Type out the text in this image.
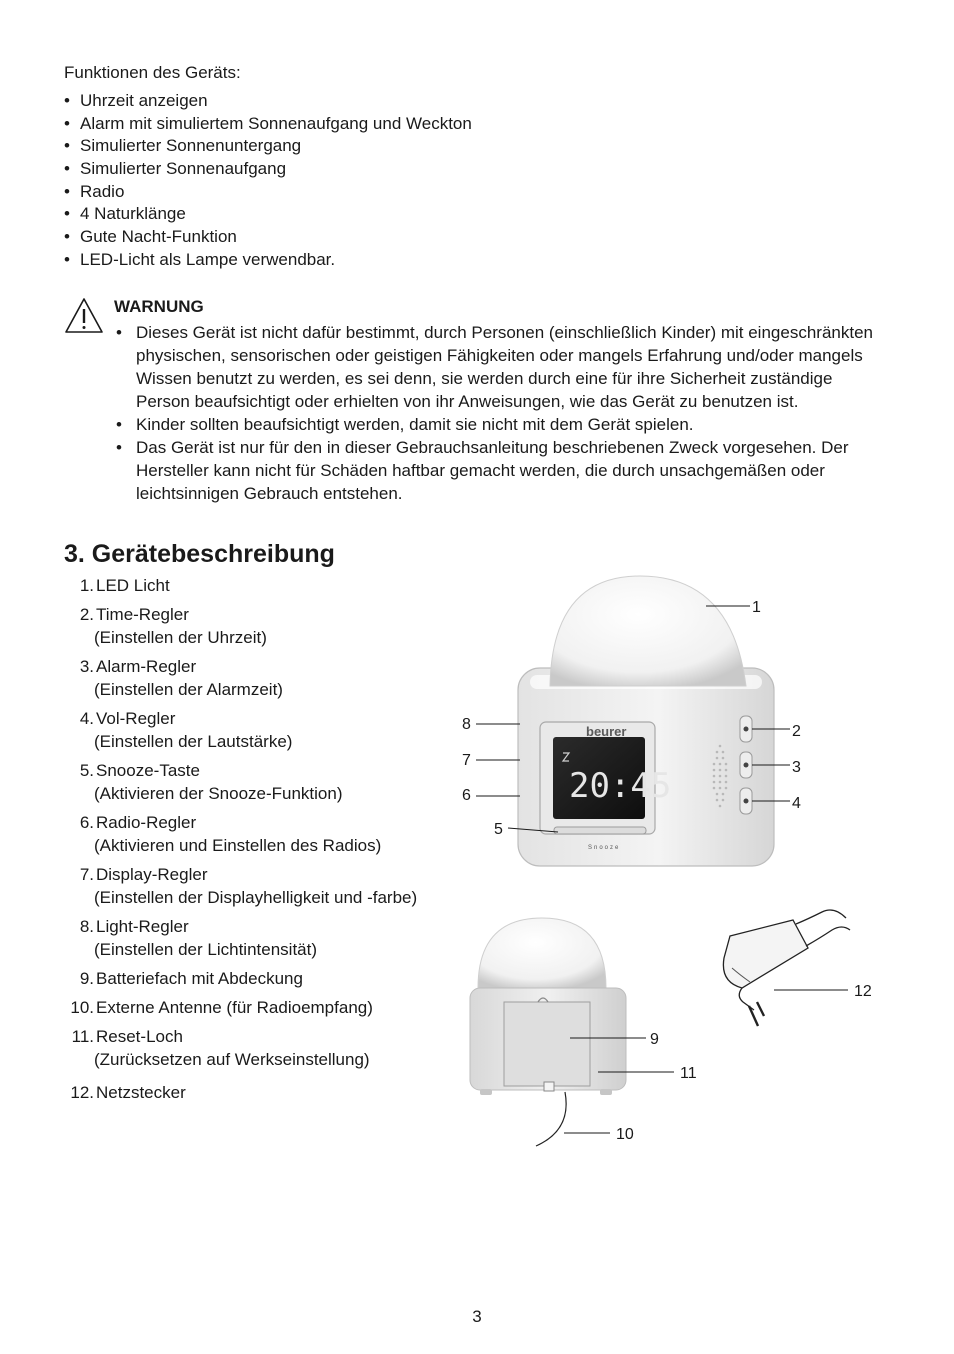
Funktionen des Geräts:
• Uhrzeit anzeigen
• Alarm mit simuliertem Sonnenaufgang und Weckton
• Simulierter Sonnenuntergang
• Simulierter Sonnenaufgang
• Radio
• 4 Naturklänge
• Gute Nacht-Funktion
• LED-Licht als Lampe verwendbar.
WARNUNG
• Dieses Gerät ist nicht dafür bestimmt, durch Personen (einschließlich Kinder) mit eingeschränkten physischen, sensorischen oder geistigen Fähigkeiten oder mangels Erfahrung und/oder mangels Wissen benutzt zu werden, es sei denn, sie werden durch eine für ihre Sicherheit zuständige Person beaufsichtigt oder erhielten von ihr Anweisungen, wie das Gerät zu benutzen ist.
• Kinder sollten beaufsichtigt werden, damit sie nicht mit dem Gerät spielen.
• Das Gerät ist nur für den in dieser Gebrauchsanleitung beschriebenen Zweck vorgesehen. Der Hersteller kann nicht für Schäden haftbar gemacht werden, die durch unsachgemäßen oder leichtsinnigen Gebrauch entstehen.
3. Gerätebeschreibung
1. LED Licht
2. Time-Regler
(Einstellen der Uhrzeit)
3. Alarm-Regler
(Einstellen der Alarmzeit)
4. Vol-Regler
(Einstellen der Lautstärke)
5. Snooze-Taste
(Aktivieren der Snooze-Funktion)
6. Radio-Regler
(Aktivieren und Einstellen des Radios)
7. Display-Regler
(Einstellen der Displayhelligkeit und -farbe)
8. Light-Regler
(Einstellen der Lichtintensität)
9. Batteriefach mit Abdeckung
10. Externe Antenne (für Radioempfang)
11. Reset-Loch
(Zurücksetzen auf Werkseinstellung)
12. Netzstecker
beurer
20:45
Snooze
1
2
3
4
5
6
7
8
9
10
11
12
3
